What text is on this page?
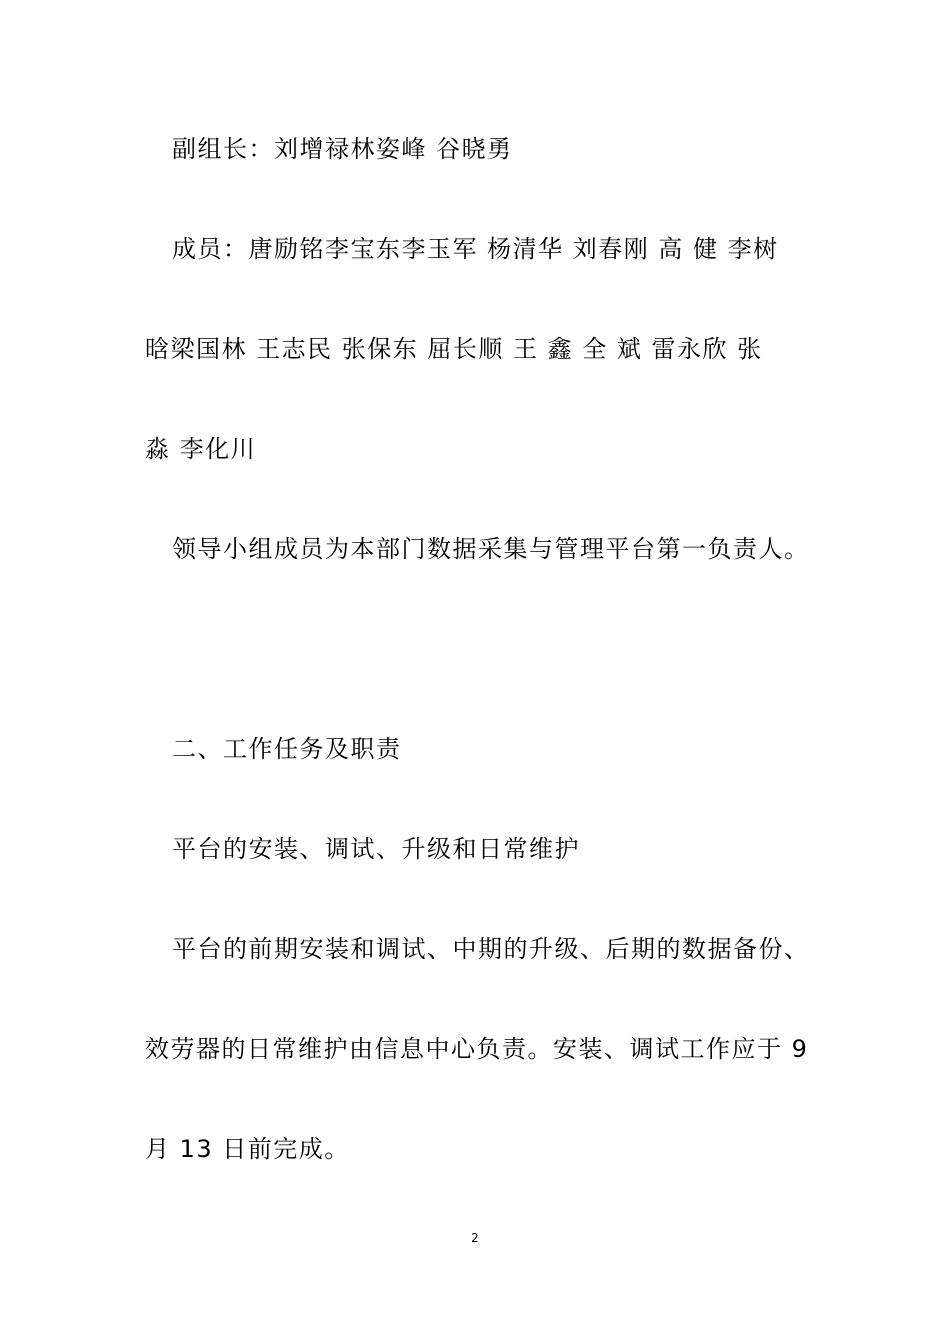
副组长：刘增禄林姿峰 谷晓勇
成员：唐励铭李宝东李玉军 杨清华 刘春刚 高 健 李树
晗梁国林 王志民 张保东 屈长顺 王 鑫 全 斌 雷永欣 张
淼 李化川
领导小组成员为本部门数据采集与管理平台第一负责人。
二、工作任务及职责
平台的安装、调试、升级和日常维护
平台的前期安装和调试、中期的升级、后期的数据备份、
效劳器的日常维护由信息中心负责。安装、调试工作应于 9
月 13 日前完成。
2
